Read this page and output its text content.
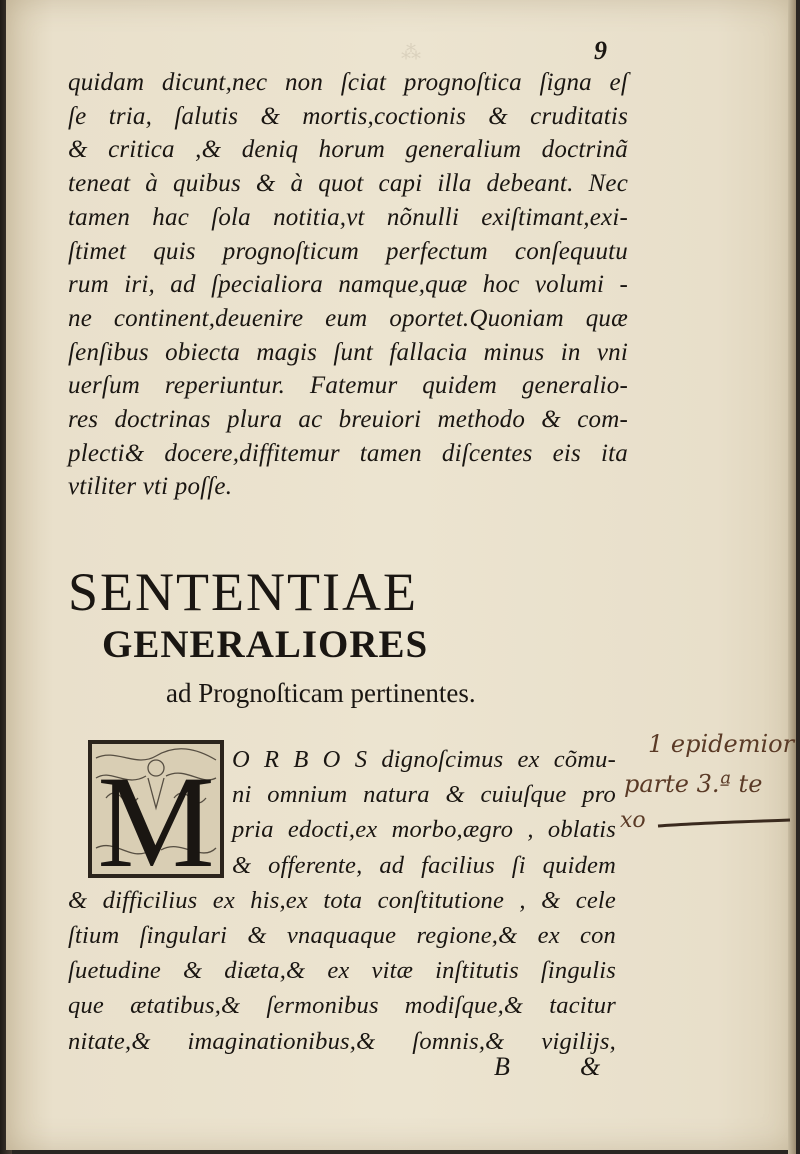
⁂	9
quidam dicunt,nec non ſciat prognoſtica ſigna eſ
ſe tria, ſalutis & mortis,coctionis & cruditatis
& critica ,& deniq horum generalium doctrinã
teneat à quibus & à quot capi illa debeant. Nec
tamen hac ſola notitia,vt nõnulli exiſtimant,exi-
ſtimet quis prognoſticum perfectum conſequutu
rum iri, ad ſpecialiora namque,quæ hoc volumi -
ne continent,deuenire eum oportet.Quoniam quæ
ſenſibus obiecta magis ſunt fallacia minus in vni
uerſum reperiuntur. Fatemur quidem generalio-
res doctrinas plura ac breuiori methodo & com-
plecti& docere,diffitemur tamen diſcentes eis ita
vtiliter vti poſſe.
SENTENTIAE
GENERALIORES
ad Prognoſticam pertinentes.
M O R B O S dignoſcimus ex cõmu-
ni omnium natura & cuiuſque pro
pria edocti,ex morbo,ægro , oblatis
& offerente, ad facilius ſi quidem
& difficilius ex his,ex tota conſtitutione , & cele
ſtium ſingulari & vnaquaque regione,& ex con
ſuetudine & diæta,& ex vitæ inſtitutis ſingulis
que ætatibus,& ſermonibus modiſque,& tacitur
nitate,& imaginationibus,& ſomnis,& vigilijs,
B	&
1 epidemior
parte 3.ª te
xo
